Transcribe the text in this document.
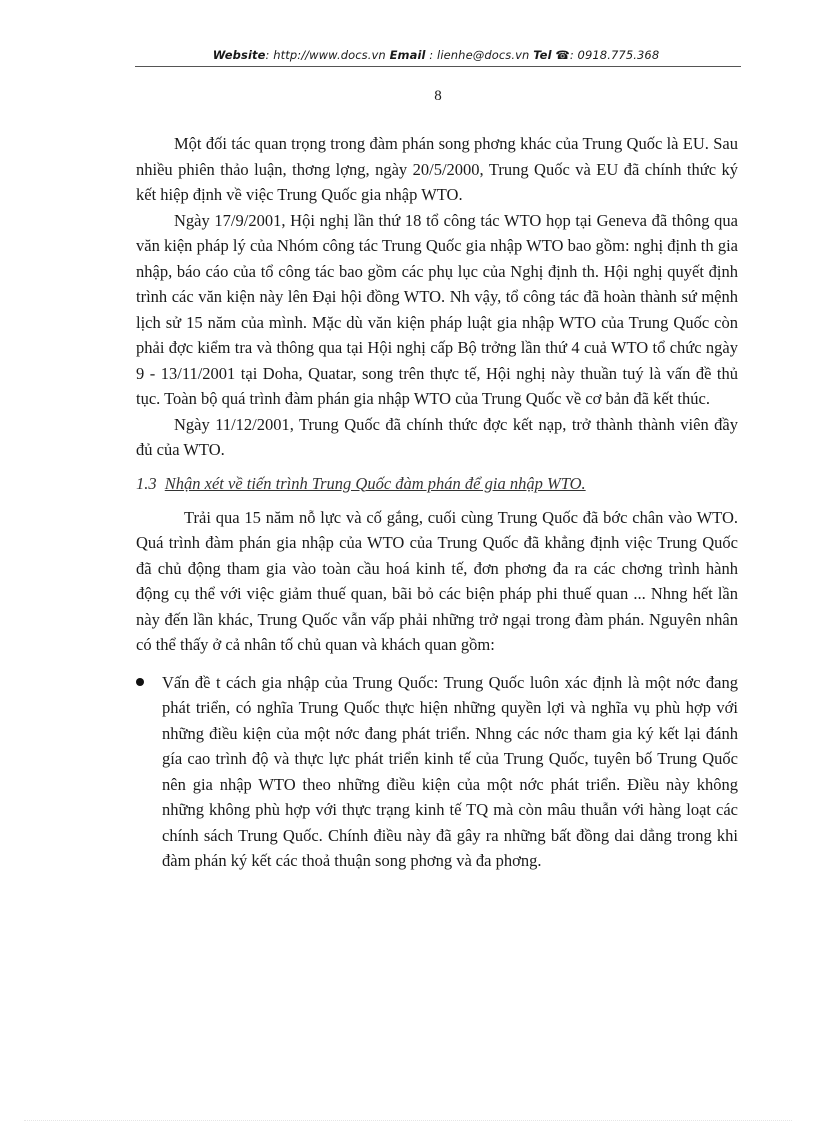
Website: http://www.docs.vn Email : lienhe@docs.vn Tel ☎: 0918.775.368
8

Một đối tác quan trọng trong đàm phán song phơng khác của Trung Quốc là EU. Sau nhiều phiên thảo luận, thơng lợng, ngày 20/5/2000, Trung Quốc và EU đã chính thức ký kết hiệp định về việc Trung Quốc gia nhập WTO.

Ngày 17/9/2001, Hội nghị lần thứ 18 tổ công tác WTO họp tại Geneva đã thông qua văn kiện pháp lý của Nhóm công tác Trung Quốc gia nhập WTO bao gồm: nghị định th gia nhập, báo cáo của tổ công tác bao gồm các phụ lục của Nghị định th. Hội nghị quyết định trình các văn kiện này lên Đại hội đồng WTO. Nh vậy, tổ công tác đã hoàn thành sứ mệnh lịch sử 15 năm của mình. Mặc dù văn kiện pháp luật gia nhập WTO của Trung Quốc còn phải đợc kiểm tra và thông qua tại Hội nghị cấp Bộ trởng lần thứ 4 cuả WTO tổ chức ngày 9 - 13/11/2001 tại Doha, Quatar, song trên thực tế, Hội nghị này thuần tuý là vấn đề thủ tục. Toàn bộ quá trình đàm phán gia nhập WTO của Trung Quốc về cơ bản đã kết thúc.

Ngày 11/12/2001, Trung Quốc đã chính thức đợc kết nạp, trở thành thành viên đầy đủ của WTO.

1.3 Nhận xét về tiến trình Trung Quốc đàm phán để gia nhập WTO.

Trải qua 15 năm nỗ lực và cố gắng, cuối cùng Trung Quốc đã bớc chân vào WTO. Quá trình đàm phán gia nhập của WTO của Trung Quốc đã khẳng định việc Trung Quốc đã chủ động tham gia vào toàn cầu hoá kinh tế, đơn phơng đa ra các chơng trình hành động cụ thể với việc giảm thuế quan, bãi bỏ các biện pháp phi thuế quan ... Nhng hết lần này đến lần khác, Trung Quốc vẫn vấp phải những trở ngại trong đàm phán. Nguyên nhân có thể thấy ở cả nhân tố chủ quan và khách quan gồm:

Vấn đề t cách gia nhập của Trung Quốc: Trung Quốc luôn xác định là một nớc đang phát triển, có nghĩa Trung Quốc thực hiện những quyền lợi và nghĩa vụ phù hợp với những điều kiện của một nớc đang phát triển. Nhng các nớc tham gia ký kết lại đánh gía cao trình độ và thực lực phát triển kinh tế của Trung Quốc, tuyên bố Trung Quốc nên gia nhập WTO theo những điều kiện của một nớc phát triển. Điều này không những không phù hợp với thực trạng kinh tế TQ mà còn mâu thuẫn với hàng loạt các chính sách Trung Quốc. Chính điều này đã gây ra những bất đồng dai dẳng trong khi đàm phán ký kết các thoả thuận song phơng và đa phơng.
